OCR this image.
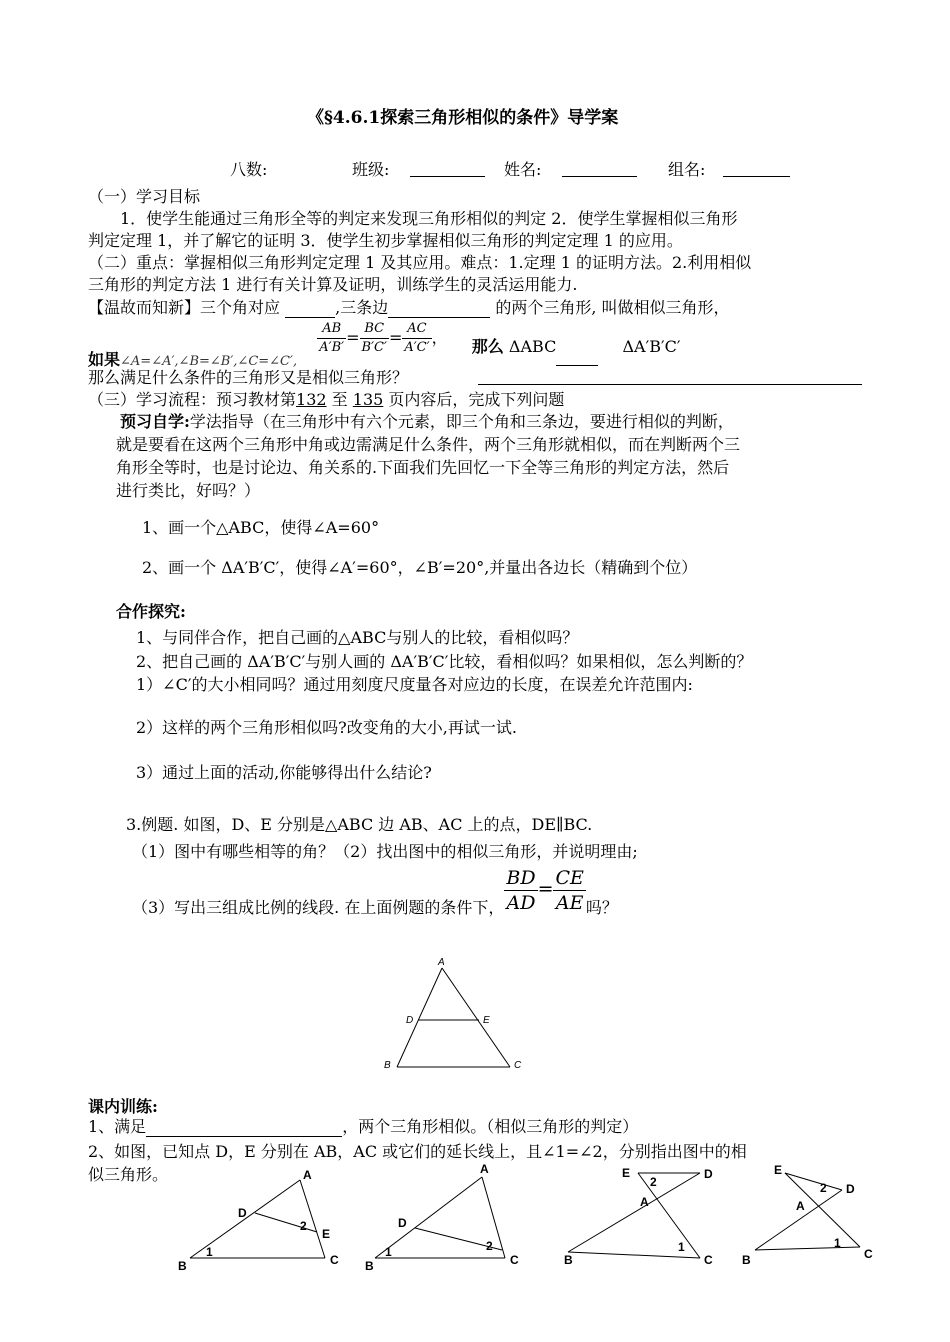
《§4.6.1探索三角形相似的条件》导学案
八数:	班级:	姓名:	组名:
（一）学习目标
1．使学生能通过三角形全等的判定来发现三角形相似的判定 2．使学生掌握相似三角形
判定定理 1，并了解它的证明 3．使学生初步掌握相似三角形的判定定理 1 的应用。
（二）重点：掌握相似三角形判定定理 1 及其应用。难点：1.定理 1 的证明方法。2.利用相似
三角形的判定方法 1 进行有关计算及证明，训练学生的灵活运用能力.
【温故而知新】三个角对应	,三条边	的两个三角形, 叫做相似三角形，
如果$_{\angle A=\angle A',\angle B=\angle B',\angle C=\angle C',}$
$\frac{AB}{A'B'} = \frac{BC}{B'C'} = \frac{AC}{A'C'}$ ， 那么 ΔABC	ΔA′B′C′
那么满足什么条件的三角形又是相似三角形？
（三）学习流程：预习教材第132 至 135 页内容后，完成下列问题
预习自学:学法指导（在三角形中有六个元素，即三个角和三条边，要进行相似的判断，
就是要看在这两个三角形中角或边需满足什么条件，两个三角形就相似，而在判断两个三
角形全等时，也是讨论边、角关系的.下面我们先回忆一下全等三角形的判定方法，然后
进行类比，好吗？）
1、画一个△ABC，使得∠A=60°
2、画一个 ΔA′B′C′，使得∠A′=60°，∠B′=20°,并量出各边长（精确到个位）
合作探究:
1、与同伴合作，把自己画的△ABC与别人的比较，看相似吗？
2、把自己画的 ΔA′B′C′与别人画的 ΔA′B′C′比较，看相似吗？如果相似，怎么判断的？
1）∠C′的大小相同吗？通过用刻度尺度量各对应边的长度，在误差允许范围内:
2）这样的两个三角形相似吗?改变角的大小,再试一试.
3）通过上面的活动,你能够得出什么结论?
3.例题. 如图，D、E 分别是△ABC 边 AB、AC 上的点，DE∥BC.
（1）图中有哪些相等的角？（2）找出图中的相似三角形，并说明理由;
（3）写出三组成比例的线段. 在上面例题的条件下， $\frac{BD}{AD} = \frac{CE}{AE}$ 吗？
A
B	C
D	E
课内训练:
1、满足	，两个三角形相似。（相似三角形的判定）
2、如图，已知点 D，E 分别在 AB，AC 或它们的延长线上，且∠1=∠2，分别指出图中的相
似三角形。	A
B	C
D
E
1
2
A
B	C
D
1	2
E	D
A
B	C
2
1
E
D
A
B	C
2
1
